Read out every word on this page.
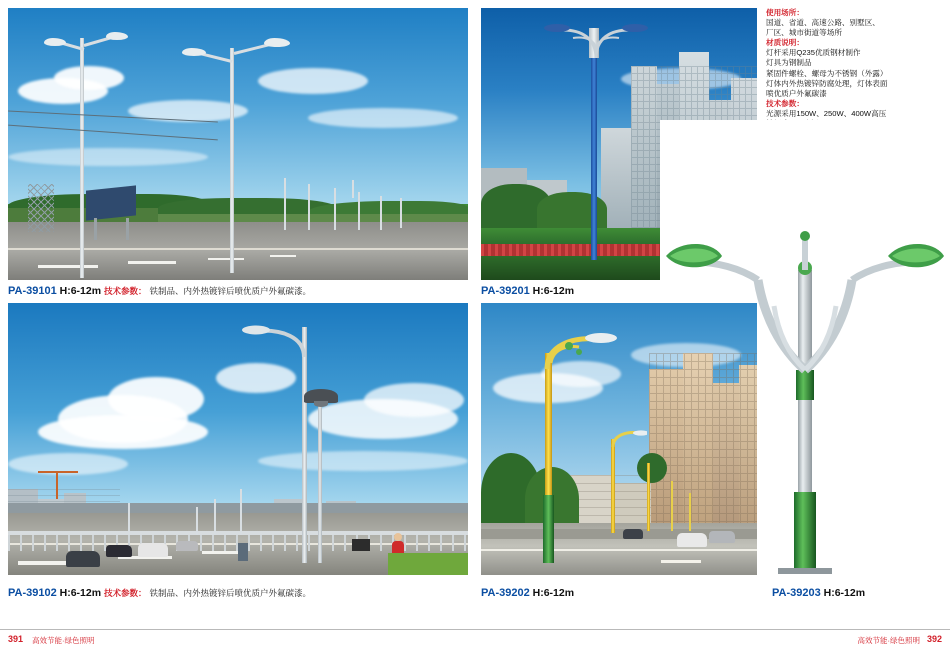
PA-39101 H:6-12m 技术参数： 铁制品、内外热镀锌后喷优质户外氟碳漆。	PA-39201 H:6-12m
使用场所：
国道、省道、高速公路、别墅区、
厂区、城市街道等场所
材质说明：
灯杆采用Q235优质钢材制作
灯具为钢制品
紧固件螺栓、螺母为不锈钢（外露）
灯体内外热镀锌防腐处理，灯体表面
喷优质户外氟碳漆
技术参数：
光源采用150W、250W、400W高压
PA-39203 H:6-12m
PA-39102 H:6-12m 技术参数： 铁制品、内外热镀锌后喷优质户外氟碳漆。	PA-39202 H:6-12m
391 高效节能·绿色照明	高效节能·绿色照明 392
